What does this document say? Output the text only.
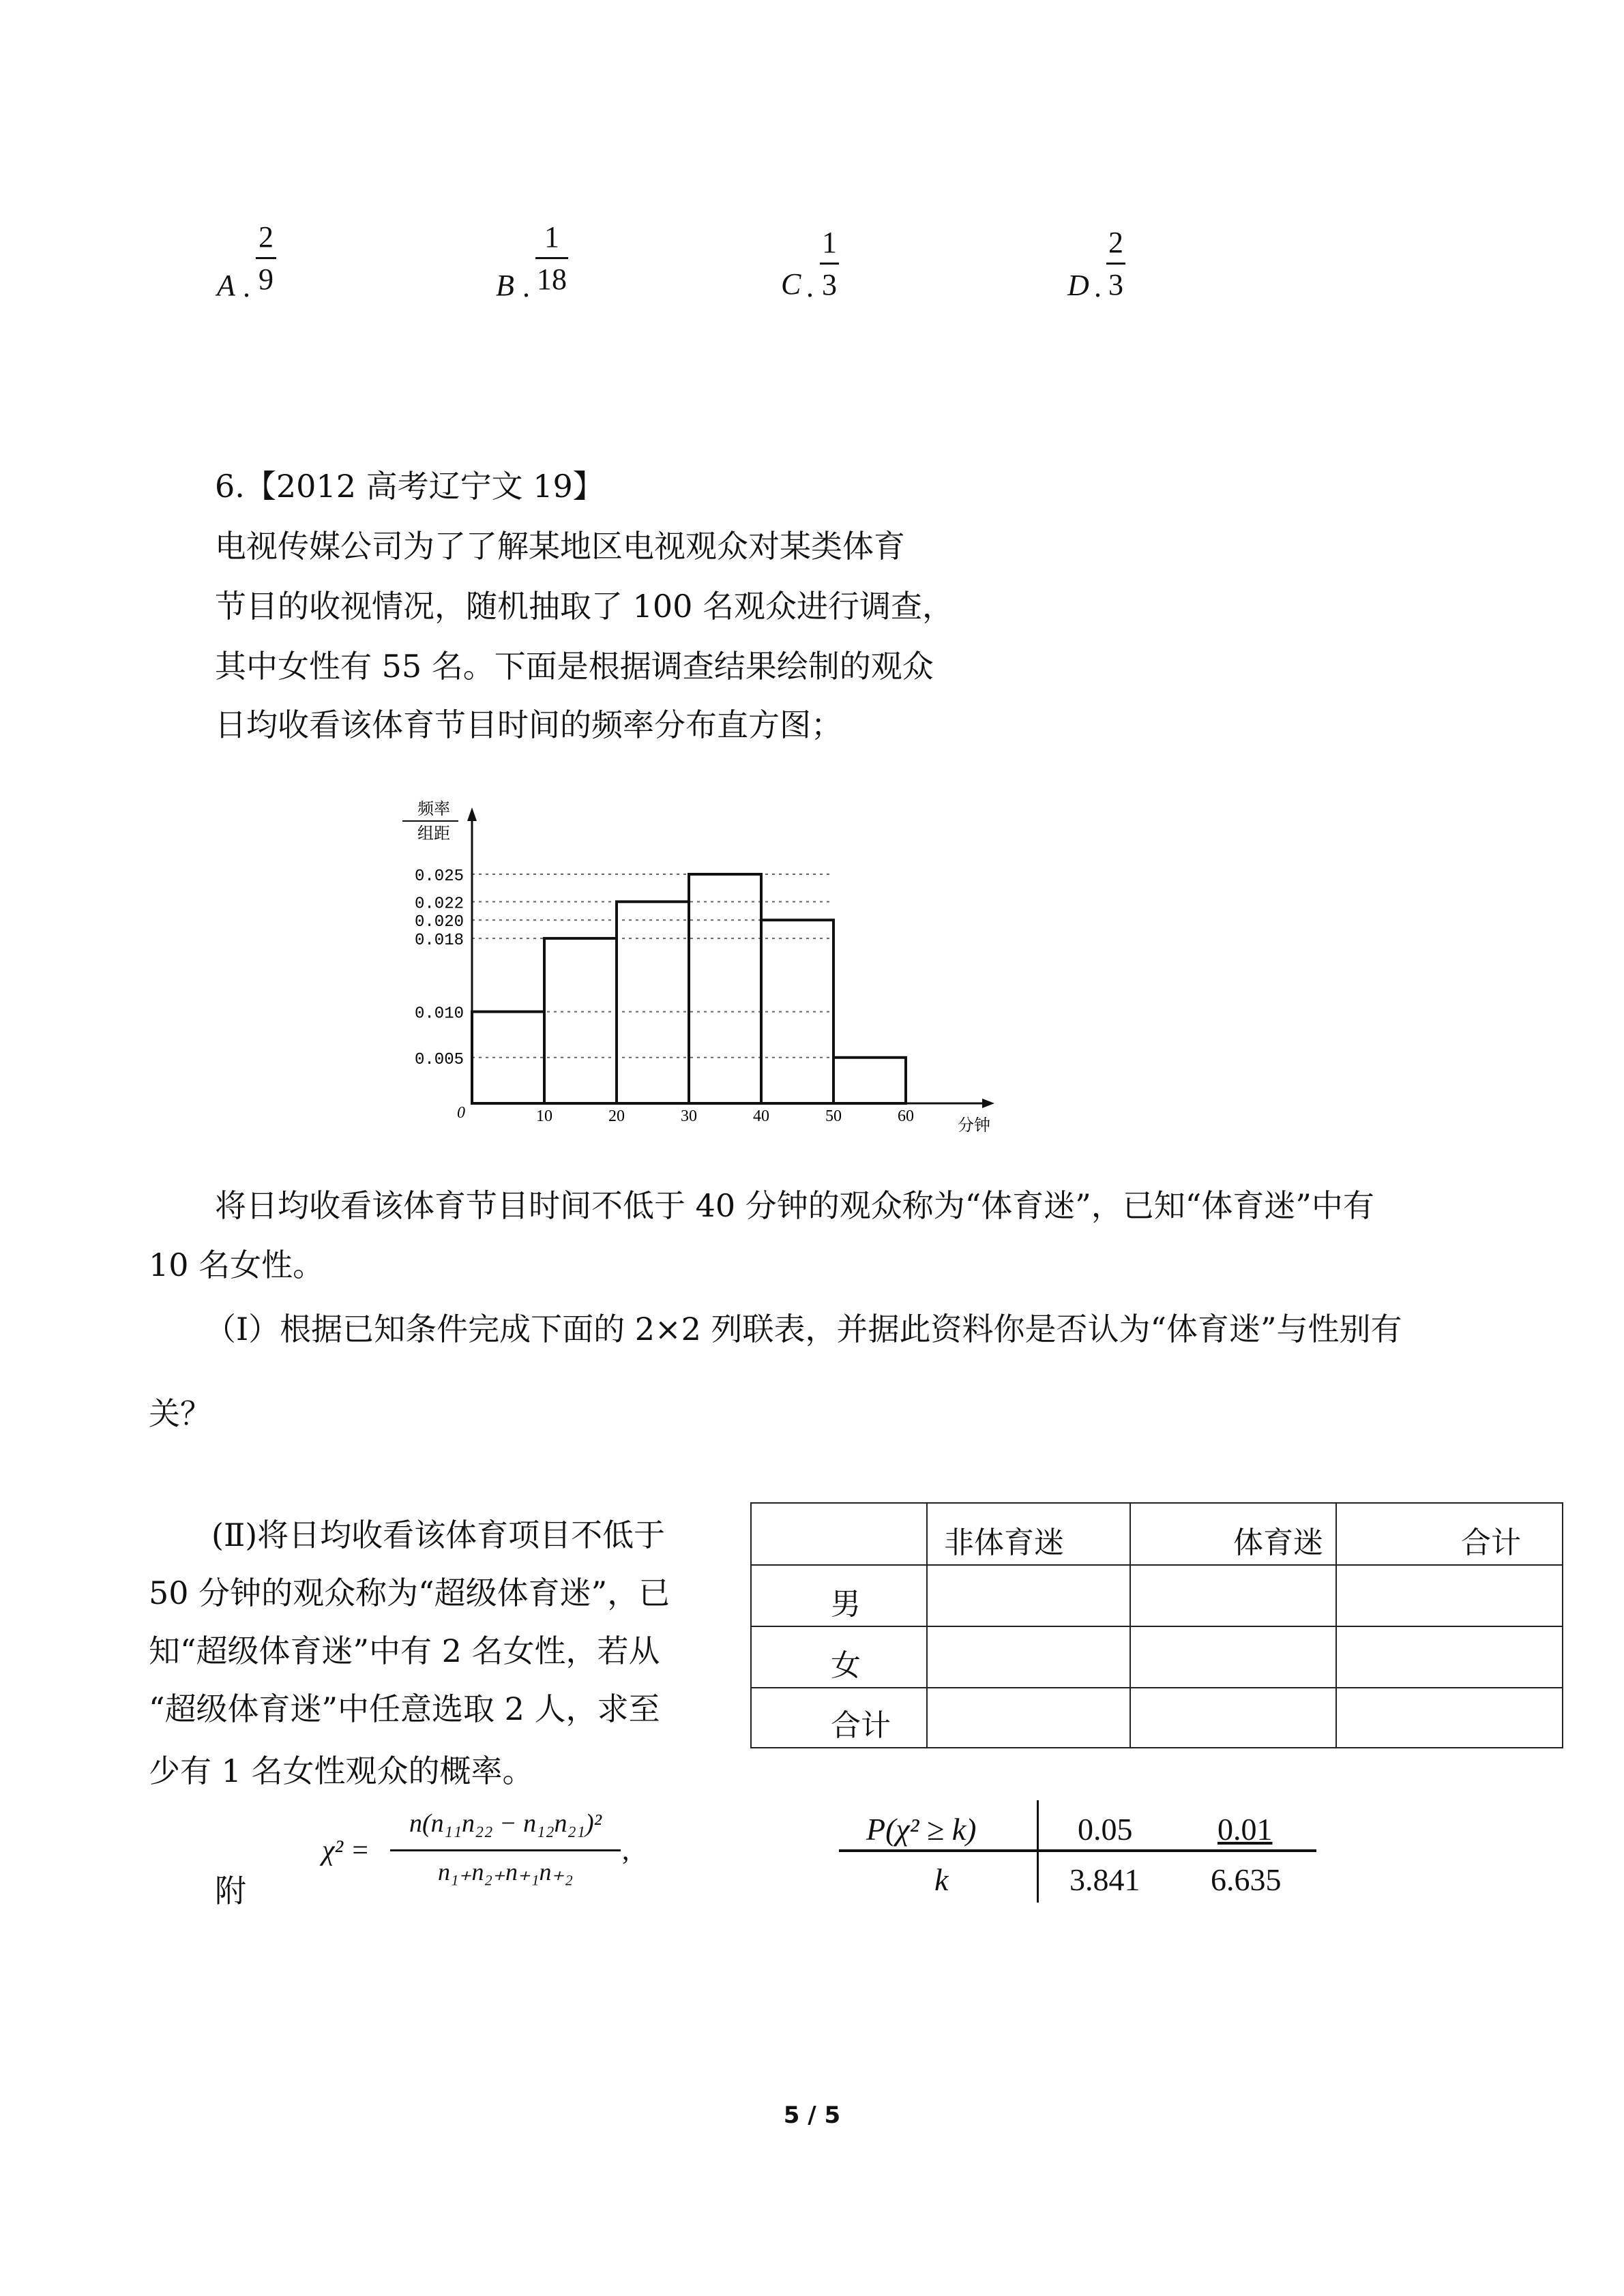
A .
2
9	B .
1
18	C .
1
3	D .
2
3
6.【2012 高考辽宁文 19】
电视传媒公司为了了解某地区电视观众对某类体育
节目的收视情况，随机抽取了 100 名观众进行调查，
其中女性有 55 名。下面是根据调查结果绘制的观众
日均收看该体育节目时间的频率分布直方图；
0.025
0.022
0.020
0.018
0.010
0.005
10	20	30	40	50	60
频率
组距
分钟
0
将日均收看该体育节目时间不低于 40 分钟的观众称为“体育迷”，已知“体育迷”中有
10 名女性。
（Ⅰ）根据已知条件完成下面的 2×2 列联表，并据此资料你是否认为“体育迷”与性别有
关？
(Ⅱ)将日均收看该体育项目不低于
50 分钟的观众称为“超级体育迷”，已
知“超级体育迷”中有 2 名女性，若从
“超级体育迷”中任意选取 2 人，求至
少有 1 名女性观众的概率。
	非体育迷	体育迷	合计
男			
女			
合计			
附
χ² =
n(n₁₁n₂₂ − n₁₂n₂₁)²
n₁₊n₂₊n₊₁n₊₂
,
P(χ² ≥ k)	0.05	0.01
k	3.841 6.635
5 / 5
